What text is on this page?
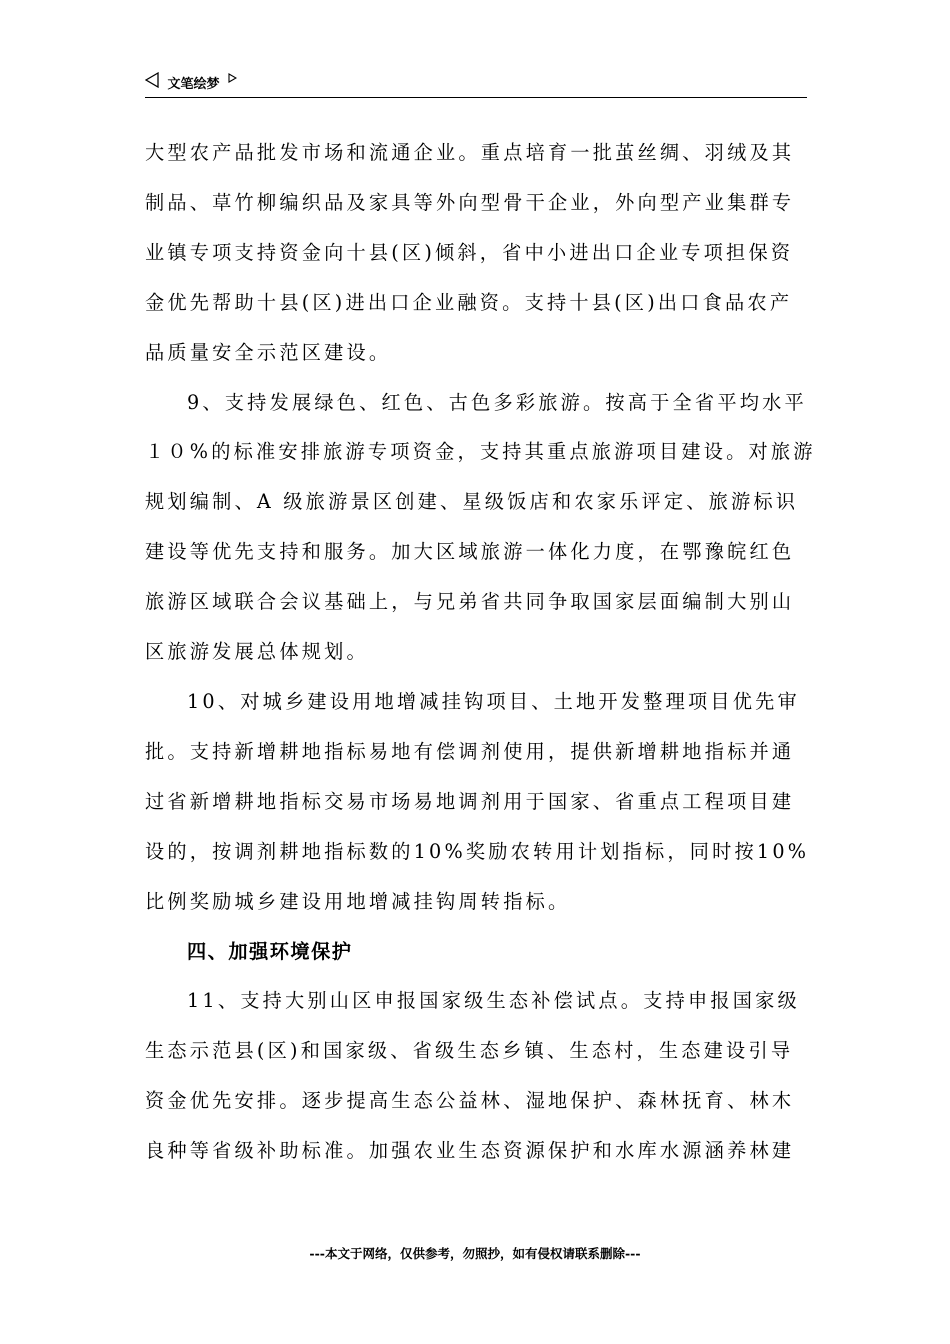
文笔绘梦

大型农产品批发市场和流通企业。重点培育一批茧丝绸、羽绒及其
制品、草竹柳编织品及家具等外向型骨干企业，外向型产业集群专
业镇专项支持资金向十县(区)倾斜，省中小进出口企业专项担保资
金优先帮助十县(区)进出口企业融资。支持十县(区)出口食品农产
品质量安全示范区建设。

9、支持发展绿色、红色、古色多彩旅游。按高于全省平均水平
１０%的标准安排旅游专项资金，支持其重点旅游项目建设。对旅游
规划编制、A 级旅游景区创建、星级饭店和农家乐评定、旅游标识
建设等优先支持和服务。加大区域旅游一体化力度，在鄂豫皖红色
旅游区域联合会议基础上，与兄弟省共同争取国家层面编制大别山
区旅游发展总体规划。

10、对城乡建设用地增减挂钩项目、土地开发整理项目优先审
批。支持新增耕地指标易地有偿调剂使用，提供新增耕地指标并通
过省新增耕地指标交易市场易地调剂用于国家、省重点工程项目建
设的，按调剂耕地指标数的10%奖励农转用计划指标，同时按10%
比例奖励城乡建设用地增减挂钩周转指标。

四、加强环境保护

11、支持大别山区申报国家级生态补偿试点。支持申报国家级
生态示范县(区)和国家级、省级生态乡镇、生态村，生态建设引导
资金优先安排。逐步提高生态公益林、湿地保护、森林抚育、林木
良种等省级补助标准。加强农业生态资源保护和水库水源涵养林建

---本文于网络，仅供参考，勿照抄，如有侵权请联系删除---
